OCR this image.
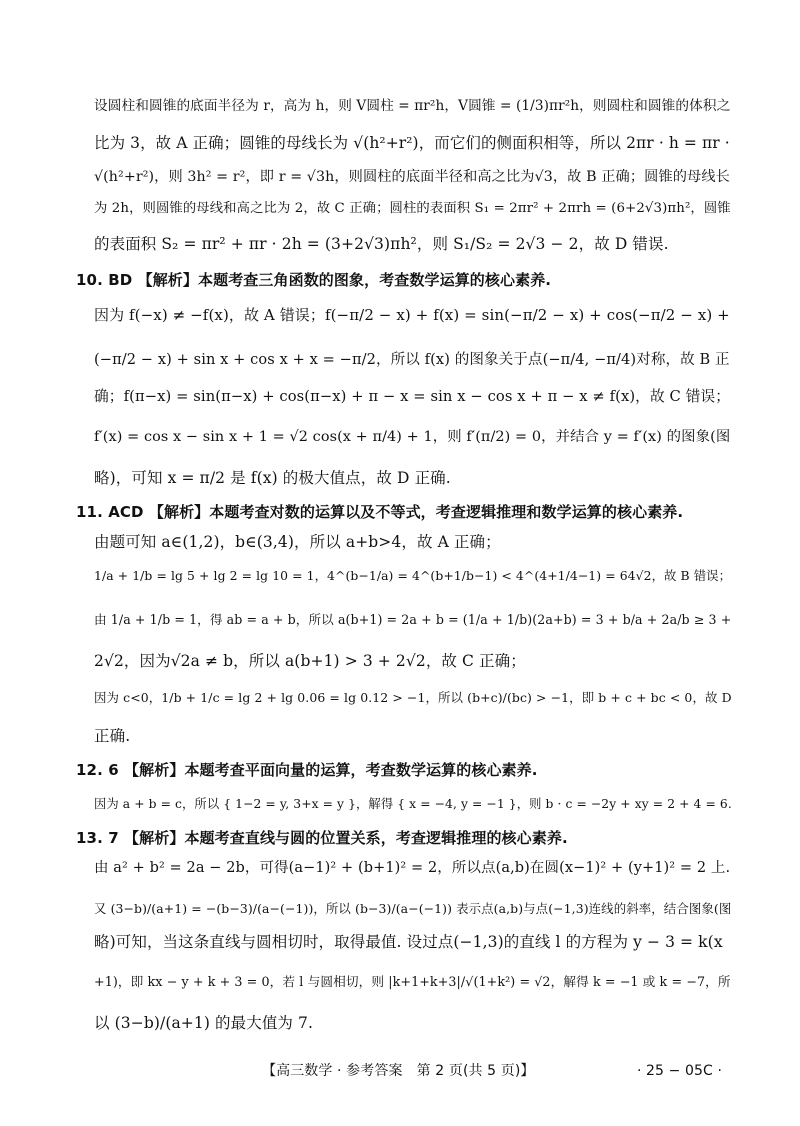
设圆柱和圆锥的底面半径为 r，高为 h，则 V圆柱 = πr²h，V圆锥 = (1/3)πr²h，则圆柱和圆锥的体积之
比为 3，故 A 正确；圆锥的母线长为 √(h²+r²)，而它们的侧面积相等，所以 2πr · h = πr ·
√(h²+r²)，则 3h² = r²，即 r = √3h，则圆柱的底面半径和高之比为√3，故 B 正确；圆锥的母线长
为 2h，则圆锥的母线和高之比为 2，故 C 正确；圆柱的表面积 S₁ = 2πr² + 2πrh = (6+2√3)πh²，圆锥
的表面积 S₂ = πr² + πr · 2h = (3+2√3)πh²，则 S₁/S₂ = 2√3 − 2，故 D 错误.
10. BD 【解析】本题考查三角函数的图象，考查数学运算的核心素养.
因为 f(−x) ≠ −f(x)，故 A 错误；f(−π/2 − x) + f(x) = sin(−π/2 − x) + cos(−π/2 − x) +
(−π/2 − x) + sin x + cos x + x = −π/2，所以 f(x) 的图象关于点(−π/4, −π/4)对称，故 B 正
确；f(π−x) = sin(π−x) + cos(π−x) + π − x = sin x − cos x + π − x ≠ f(x)，故 C 错误；
f′(x) = cos x − sin x + 1 = √2 cos(x + π/4) + 1，则 f′(π/2) = 0，并结合 y = f′(x) 的图象(图
略)，可知 x = π/2 是 f(x) 的极大值点，故 D 正确.
11. ACD 【解析】本题考查对数的运算以及不等式，考查逻辑推理和数学运算的核心素养.
由题可知 a∈(1,2)，b∈(3,4)，所以 a+b>4，故 A 正确；
1/a + 1/b = lg 5 + lg 2 = lg 10 = 1，4^(b−1/a) = 4^(b+1/b−1) < 4^(4+1/4−1) = 64√2，故 B 错误；
由 1/a + 1/b = 1，得 ab = a + b，所以 a(b+1) = 2a + b = (1/a + 1/b)(2a+b) = 3 + b/a + 2a/b ≥ 3 +
2√2，因为√2a ≠ b，所以 a(b+1) > 3 + 2√2，故 C 正确；
因为 c<0，1/b + 1/c = lg 2 + lg 0.06 = lg 0.12 > −1，所以 (b+c)/(bc) > −1，即 b + c + bc < 0，故 D
正确.
12. 6 【解析】本题考查平面向量的运算，考查数学运算的核心素养.
因为 a + b = c，所以 { 1−2 = y, 3+x = y }，解得 { x = −4, y = −1 }，则 b · c = −2y + xy = 2 + 4 = 6.
13. 7 【解析】本题考查直线与圆的位置关系，考查逻辑推理的核心素养.
由 a² + b² = 2a − 2b，可得(a−1)² + (b+1)² = 2，所以点(a,b)在圆(x−1)² + (y+1)² = 2 上.
又 (3−b)/(a+1) = −(b−3)/(a−(−1))，所以 (b−3)/(a−(−1)) 表示点(a,b)与点(−1,3)连线的斜率，结合图象(图
略)可知，当这条直线与圆相切时，取得最值. 设过点(−1,3)的直线 l 的方程为 y − 3 = k(x
+1)，即 kx − y + k + 3 = 0，若 l 与圆相切，则 |k+1+k+3|/√(1+k²) = √2，解得 k = −1 或 k = −7，所
以 (3−b)/(a+1) 的最大值为 7.
【高三数学 · 参考答案　第 2 页(共 5 页)】	· 25 − 05C ·
